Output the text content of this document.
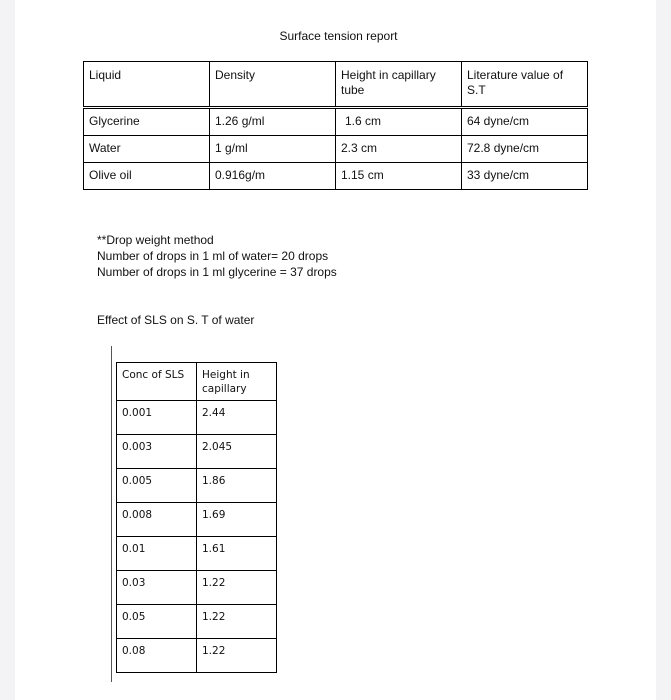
Surface tension report
Liquid	Density	Height in capillary tube	Literature value of S.T
Glycerine	1.26 g/ml	1.6 cm	64 dyne/cm
Water	1 g/ml	2.3 cm	72.8 dyne/cm
Olive oil	0.916g/m	1.15 cm	33 dyne/cm
**Drop weight method
Number of drops in 1 ml of water= 20 drops
Number of drops in 1 ml glycerine = 37 drops
Effect of SLS on S. T of water
Conc of SLS	Height in capillary
0.001	2.44
0.003	2.045
0.005	1.86
0.008	1.69
0.01	1.61
0.03	1.22
0.05	1.22
0.08	1.22
